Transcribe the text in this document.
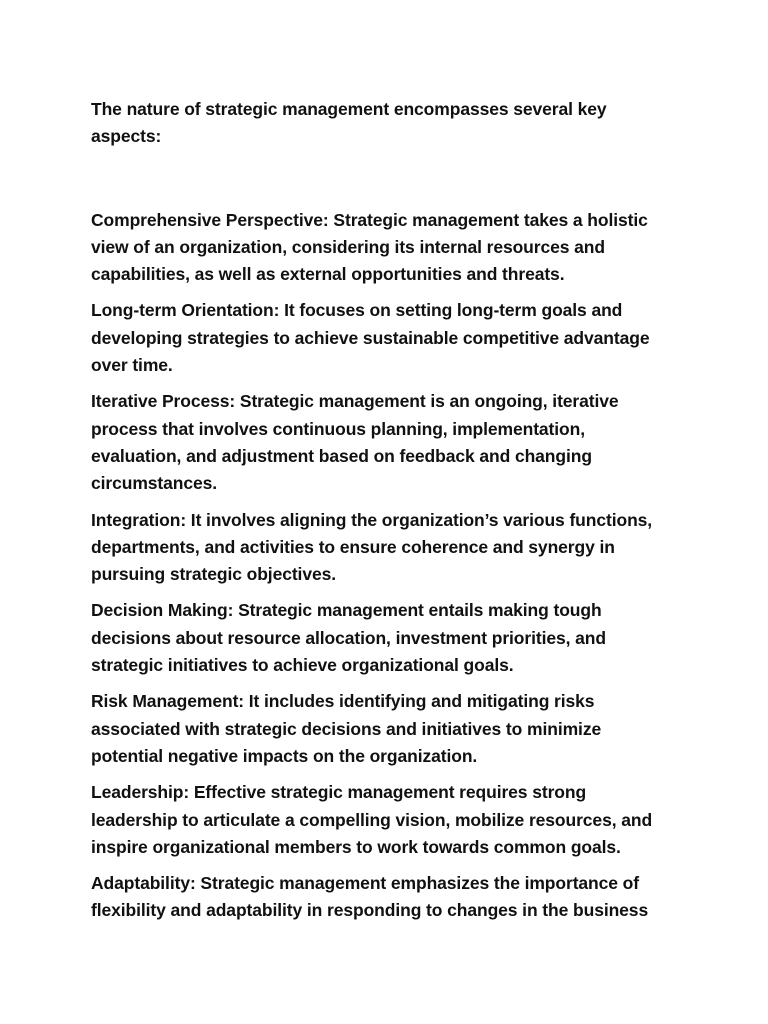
The nature of strategic management encompasses several key aspects:

Comprehensive Perspective: Strategic management takes a holistic view of an organization, considering its internal resources and capabilities, as well as external opportunities and threats.

Long-term Orientation: It focuses on setting long-term goals and developing strategies to achieve sustainable competitive advantage over time.

Iterative Process: Strategic management is an ongoing, iterative process that involves continuous planning, implementation, evaluation, and adjustment based on feedback and changing circumstances.

Integration: It involves aligning the organization’s various functions, departments, and activities to ensure coherence and synergy in pursuing strategic objectives.

Decision Making: Strategic management entails making tough decisions about resource allocation, investment priorities, and strategic initiatives to achieve organizational goals.

Risk Management: It includes identifying and mitigating risks associated with strategic decisions and initiatives to minimize potential negative impacts on the organization.

Leadership: Effective strategic management requires strong leadership to articulate a compelling vision, mobilize resources, and inspire organizational members to work towards common goals.

Adaptability: Strategic management emphasizes the importance of flexibility and adaptability in responding to changes in the business
